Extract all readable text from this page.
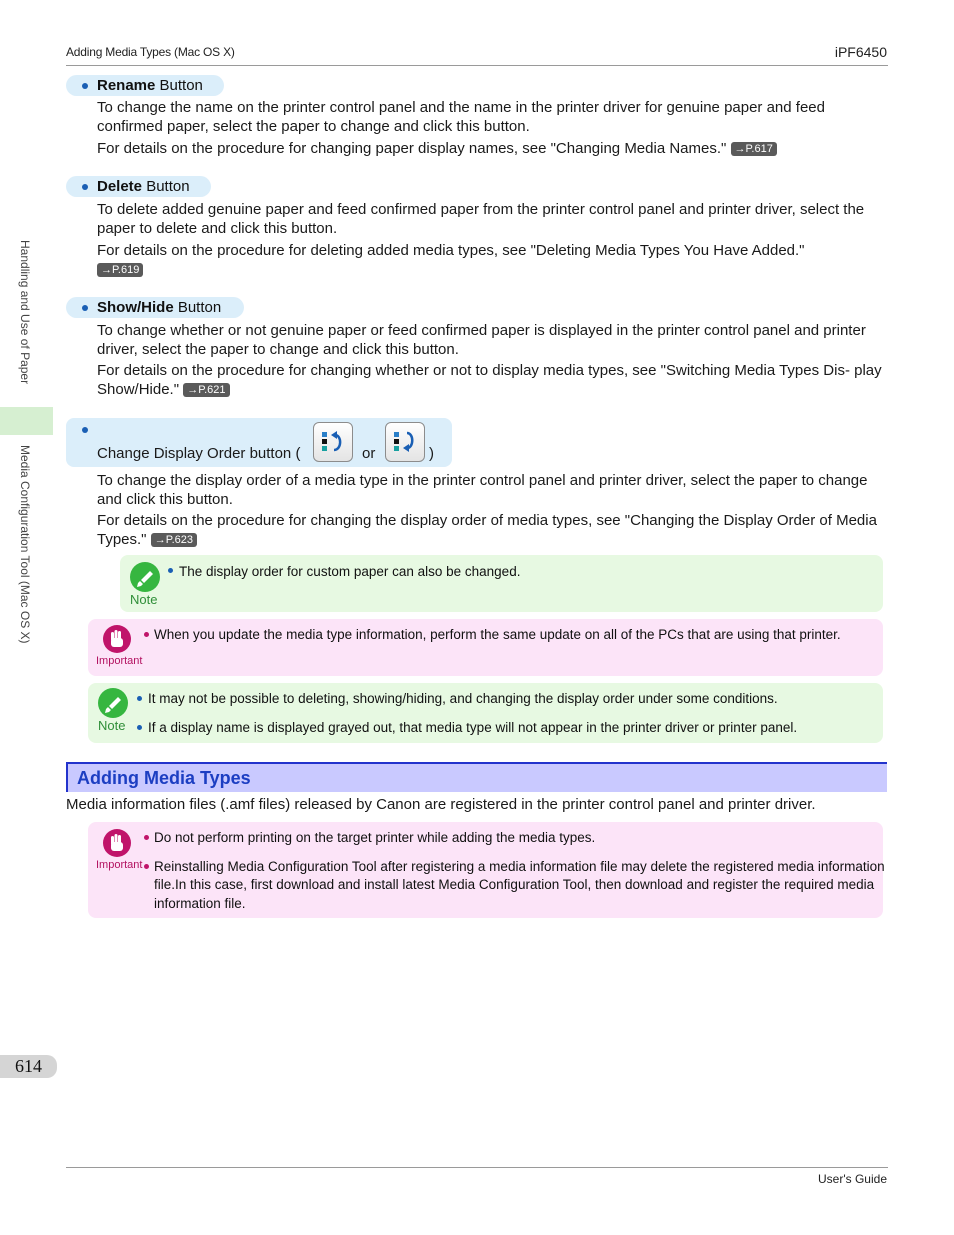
Adding Media Types (Mac OS X)	iPF6450
Handling and Use of Paper
Media Configuration Tool (Mac OS X)
614
User's Guide
Rename Button
To change the name on the printer control panel and the name in the printer driver for genuine paper and feed confirmed paper, select the paper to change and click this button.
For details on the procedure for changing paper display names, see "Changing Media Names." →P.617
Delete Button
To delete added genuine paper and feed confirmed paper from the printer control panel and printer driver, select the paper to delete and click this button.
For details on the procedure for deleting added media types, see "Deleting Media Types You Have Added."
→P.619
Show/Hide Button
To change whether or not genuine paper or feed confirmed paper is displayed in the printer control panel and printer driver, select the paper to change and click this button.
For details on the procedure for changing whether or not to display media types, see "Switching Media Types Dis- play Show/Hide." →P.621
Change Display Order button (	or	)
To change the display order of a media type in the printer control panel and printer driver, select the paper to change and click this button.
For details on the procedure for changing the display order of media types, see "Changing the Display Order of Media Types." →P.623
Note
The display order for custom paper can also be changed.
Important
When you update the media type information, perform the same update on all of the PCs that are using that printer.
Note
It may not be possible to deleting, showing/hiding, and changing the display order under some conditions.
If a display name is displayed grayed out, that media type will not appear in the printer driver or printer panel.
Adding Media Types
Media information files (.amf files) released by Canon are registered in the printer control panel and printer driver.
Important
Do not perform printing on the target printer while adding the media types.
Reinstalling Media Configuration Tool after registering a media information file may delete the registered media information
file.In this case, first download and install latest Media Configuration Tool, then download and register the required media
information file.
